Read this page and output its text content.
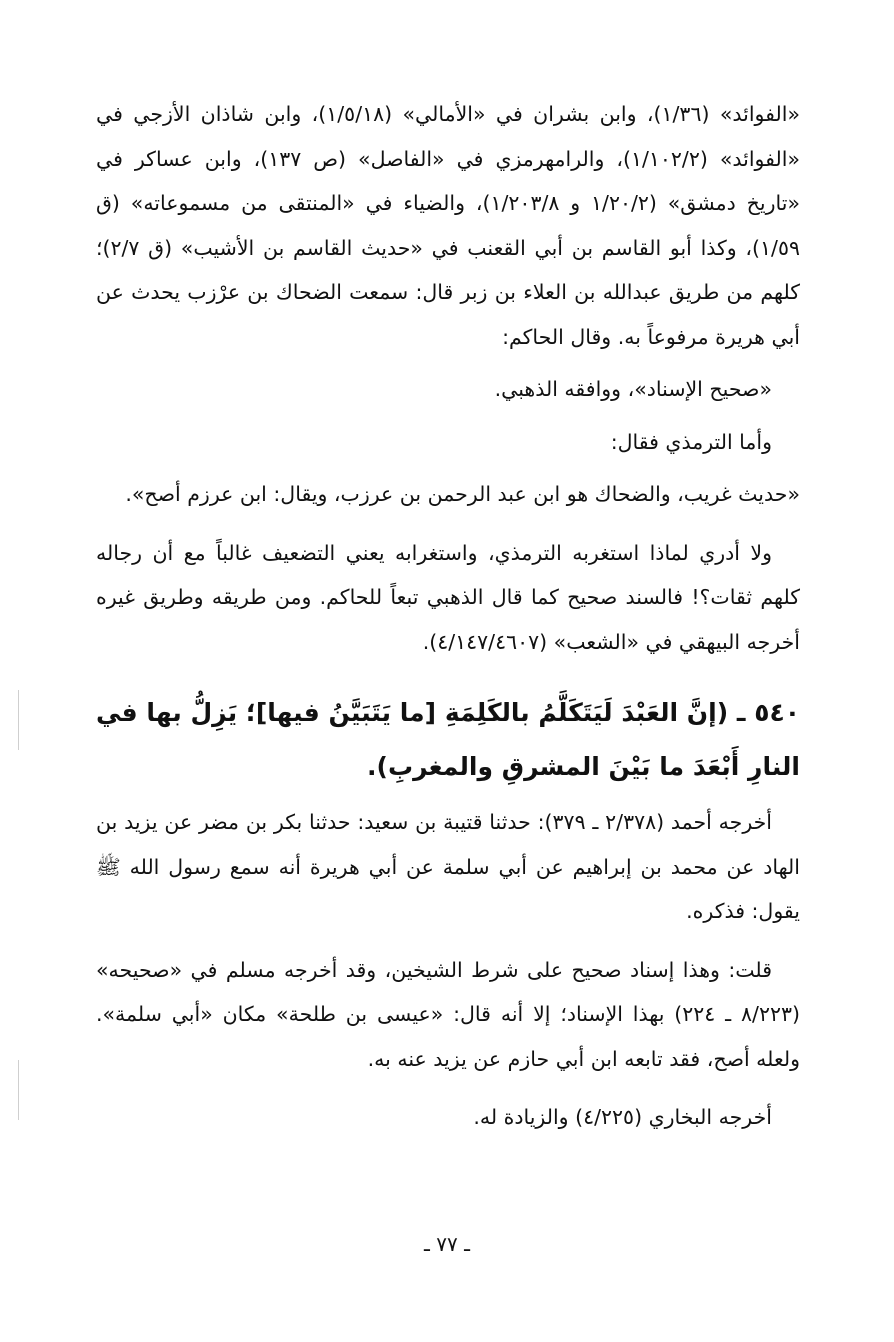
«الفوائد» (١/٣٦)، وابن بشران في «الأمالي» (١/٥/١٨)، وابن شاذان الأزجي في «الفوائد» (١/١٠٢/٢)، والرامهرمزي في «الفاصل» (ص ١٣٧)، وابن عساكر في «تاريخ دمشق» (١/٢٠/٢ و ١/٢٠٣/٨)، والضياء في «المنتقى من مسموعاته» (ق ١/٥٩)، وكذا أبو القاسم بن أبي القعنب في «حديث القاسم بن الأشيب» (ق ٢/٧)؛ كلهم من طريق عبدالله بن العلاء بن زبر قال: سمعت الضحاك بن عرْزب يحدث عن أبي هريرة مرفوعاً به. وقال الحاكم:

«صحيح الإسناد»، ووافقه الذهبي.

وأما الترمذي فقال:

«حديث غريب، والضحاك هو ابن عبد الرحمن بن عرزب، ويقال: ابن عرزم أصح».

ولا أدري لماذا استغربه الترمذي، واستغرابه يعني التضعيف غالباً مع أن رجاله كلهم ثقات؟! فالسند صحيح كما قال الذهبي تبعاً للحاكم. ومن طريقه وطريق غيره أخرجه البيهقي في «الشعب» (٤/١٤٧/٤٦٠٧).

٥٤٠ ـ (إنَّ العَبْدَ لَيَتَكَلَّمُ بالكَلِمَةِ [ما يَتَبَيَّنُ فيها]؛ يَزِلُّ بها في النارِ أَبْعَدَ ما بَيْنَ المشرقِ والمغربِ).

أخرجه أحمد (٢/٣٧٨ ـ ٣٧٩): حدثنا قتيبة بن سعيد: حدثنا بكر بن مضر عن يزيد بن الهاد عن محمد بن إبراهيم عن أبي سلمة عن أبي هريرة أنه سمع رسول الله ﷺ يقول: فذكره.

قلت: وهذا إسناد صحيح على شرط الشيخين، وقد أخرجه مسلم في «صحيحه» (٨/٢٢٣ ـ ٢٢٤) بهذا الإسناد؛ إلا أنه قال: «عيسى بن طلحة» مكان «أبي سلمة». ولعله أصح، فقد تابعه ابن أبي حازم عن يزيد عنه به.

أخرجه البخاري (٤/٢٢٥) والزيادة له.

ـ ٧٧ ـ
